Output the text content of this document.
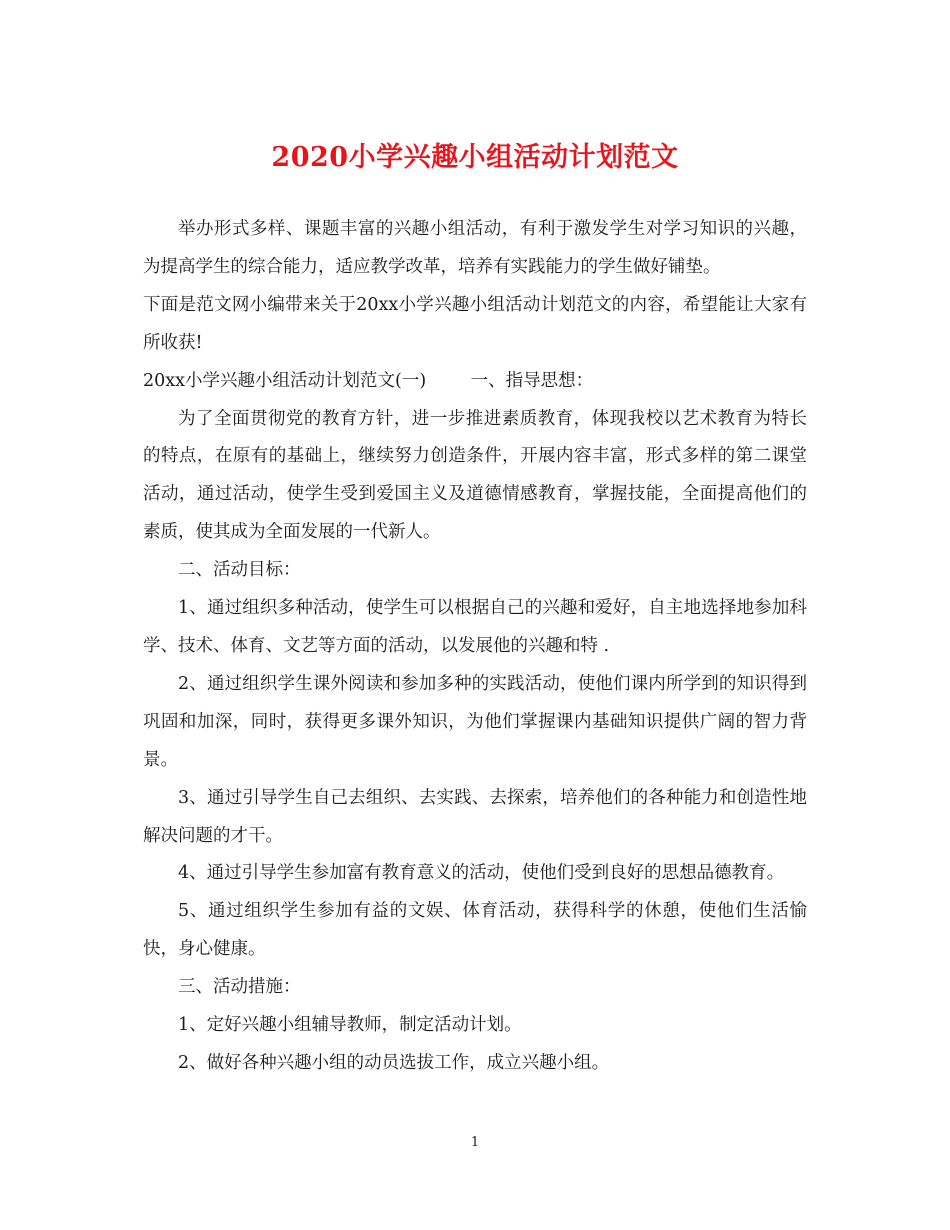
2020小学兴趣小组活动计划范文

举办形式多样、课题丰富的兴趣小组活动，有利于激发学生对学习知识的兴趣，为提高学生的综合能力，适应教学改革，培养有实践能力的学生做好铺垫。

下面是范文网小编带来关于20xx小学兴趣小组活动计划范文的内容，希望能让大家有所收获!

20xx小学兴趣小组活动计划范文(一)        一、指导思想：

为了全面贯彻党的教育方针，进一步推进素质教育，体现我校以艺术教育为特长的特点，在原有的基础上，继续努力创造条件，开展内容丰富，形式多样的第二课堂活动，通过活动，使学生受到爱国主义及道德情感教育，掌握技能，全面提高他们的素质，使其成为全面发展的一代新人。

二、活动目标：

1、通过组织多种活动，使学生可以根据自己的兴趣和爱好，自主地选择地参加科学、技术、体育、文艺等方面的活动，以发展他的兴趣和特 .

2、通过组织学生课外阅读和参加多种的实践活动，使他们课内所学到的知识得到巩固和加深，同时，获得更多课外知识，为他们掌握课内基础知识提供广阔的智力背景。

3、通过引导学生自己去组织、去实践、去探索，培养他们的各种能力和创造性地解决问题的才干。

4、通过引导学生参加富有教育意义的活动，使他们受到良好的思想品德教育。

5、通过组织学生参加有益的文娱、体育活动，获得科学的休憩，使他们生活愉快，身心健康。

三、活动措施：

1、定好兴趣小组辅导教师，制定活动计划。

2、做好各种兴趣小组的动员选拔工作，成立兴趣小组。

1
